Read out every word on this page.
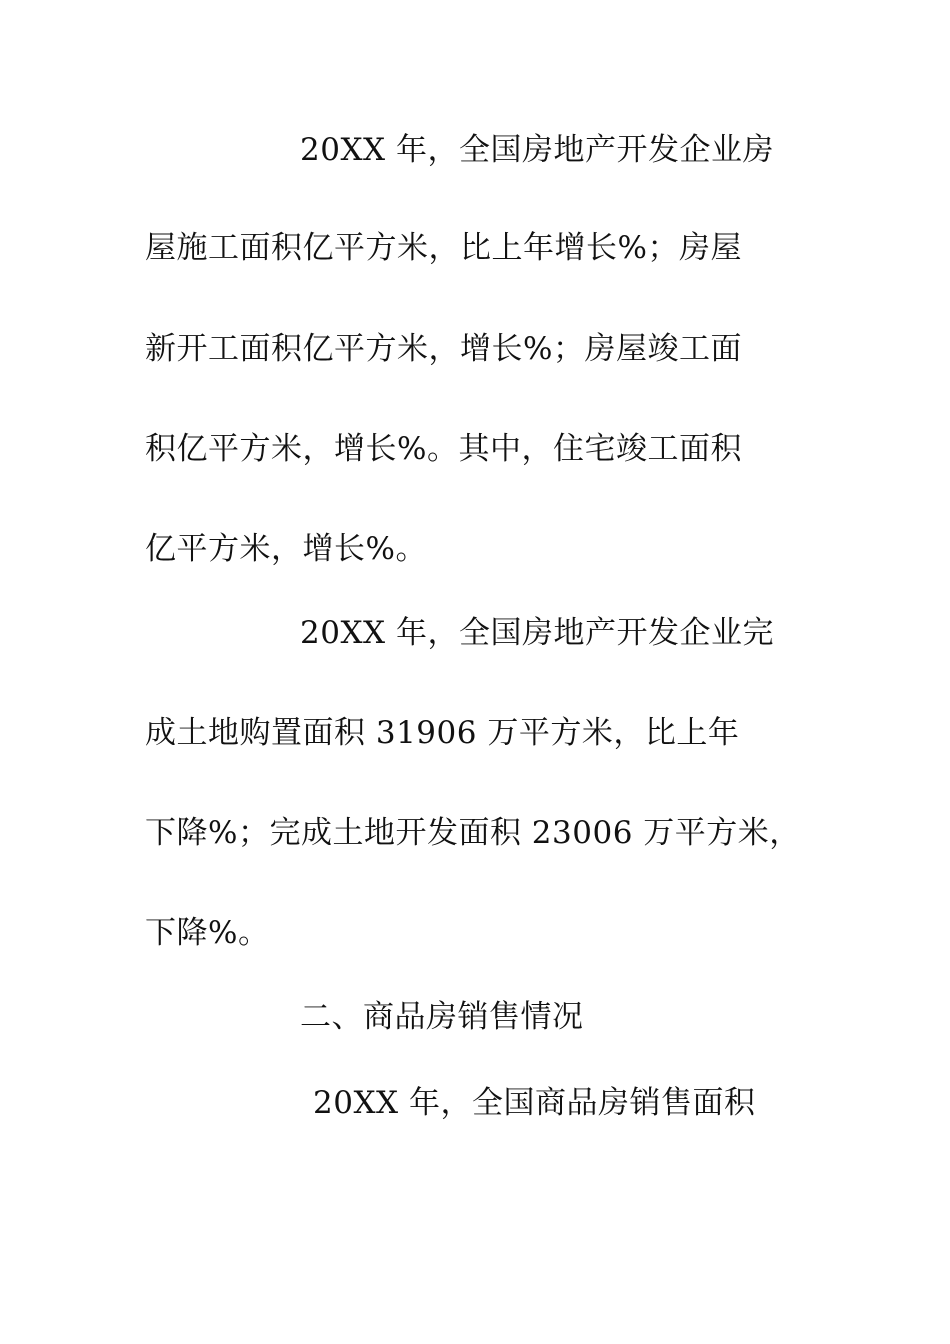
20XX 年，全国房地产开发企业房
屋施工面积亿平方米，比上年增长%；房屋
新开工面积亿平方米，增长%；房屋竣工面
积亿平方米，增长%。其中，住宅竣工面积
亿平方米，增长%。
20XX 年，全国房地产开发企业完
成土地购置面积 31906 万平方米，比上年
下降%；完成土地开发面积 23006 万平方米，
下降%。
二、商品房销售情况
20XX 年，全国商品房销售面积
